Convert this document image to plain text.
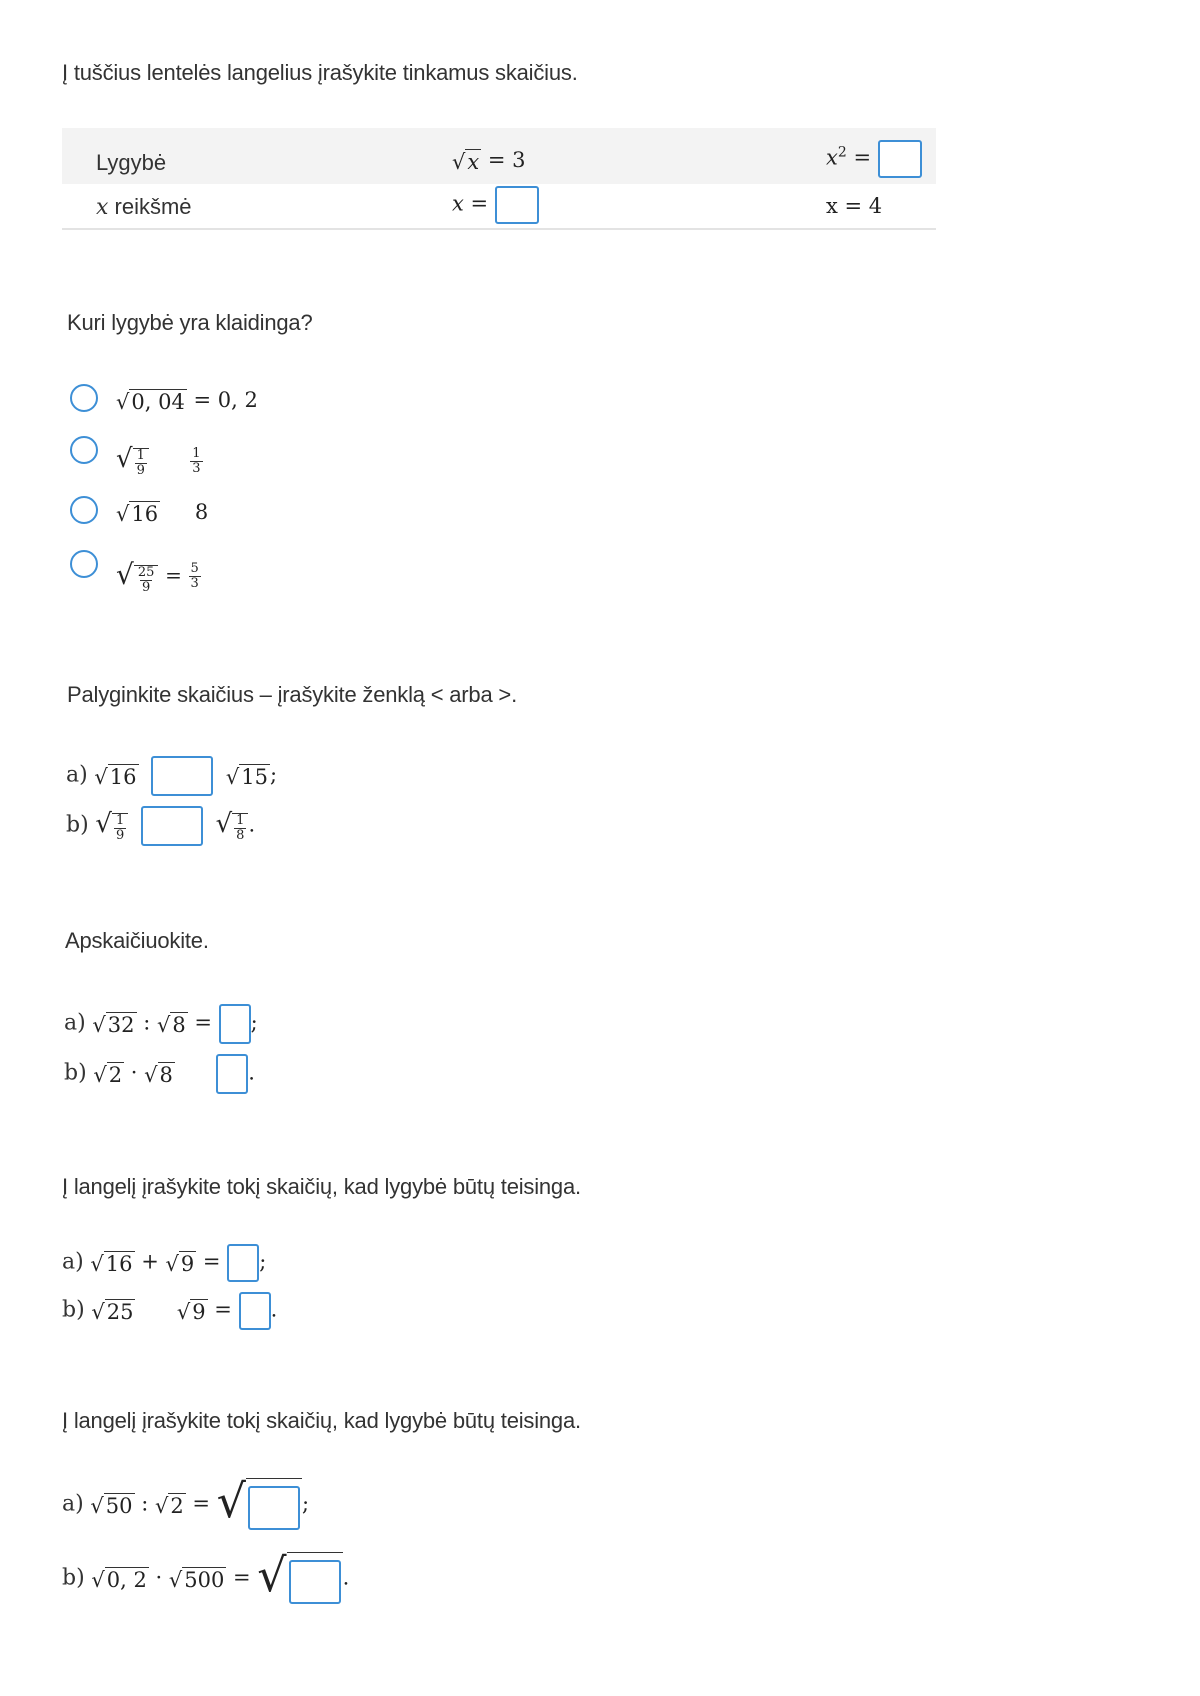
Į tuščius lentelės langelius įrašykite tinkamus skaičius.
Lygybė	√x = 3	$x^2$ =
x reikšmė	x =	x = 4
Kuri lygybė yra klaidinga?
√0, 04 = 0, 2
√ $\frac{1}{9}$
	$\frac{1}{3}$
√16 8
√ $\frac{25}{9} = \frac{5}{3}$
Palyginkite skaičius – įrašykite ženklą < arba >.
a) √16	√15;
b) √ $\frac{1}{9}$	√ $\frac{1}{8}$ .
Apskaičiuokite.
a) √32 : √8 = ;
b) √2 · √8	.
Į langelį įrašykite tokį skaičių, kad lygybė būtų teisinga.
a) √16 + √9 = ;
b) √25 √9 = .
Į langelį įrašykite tokį skaičių, kad lygybė būtų teisinga.
a) √50 : √2 = √	;
b) √0, 2 · √500 = √	.
